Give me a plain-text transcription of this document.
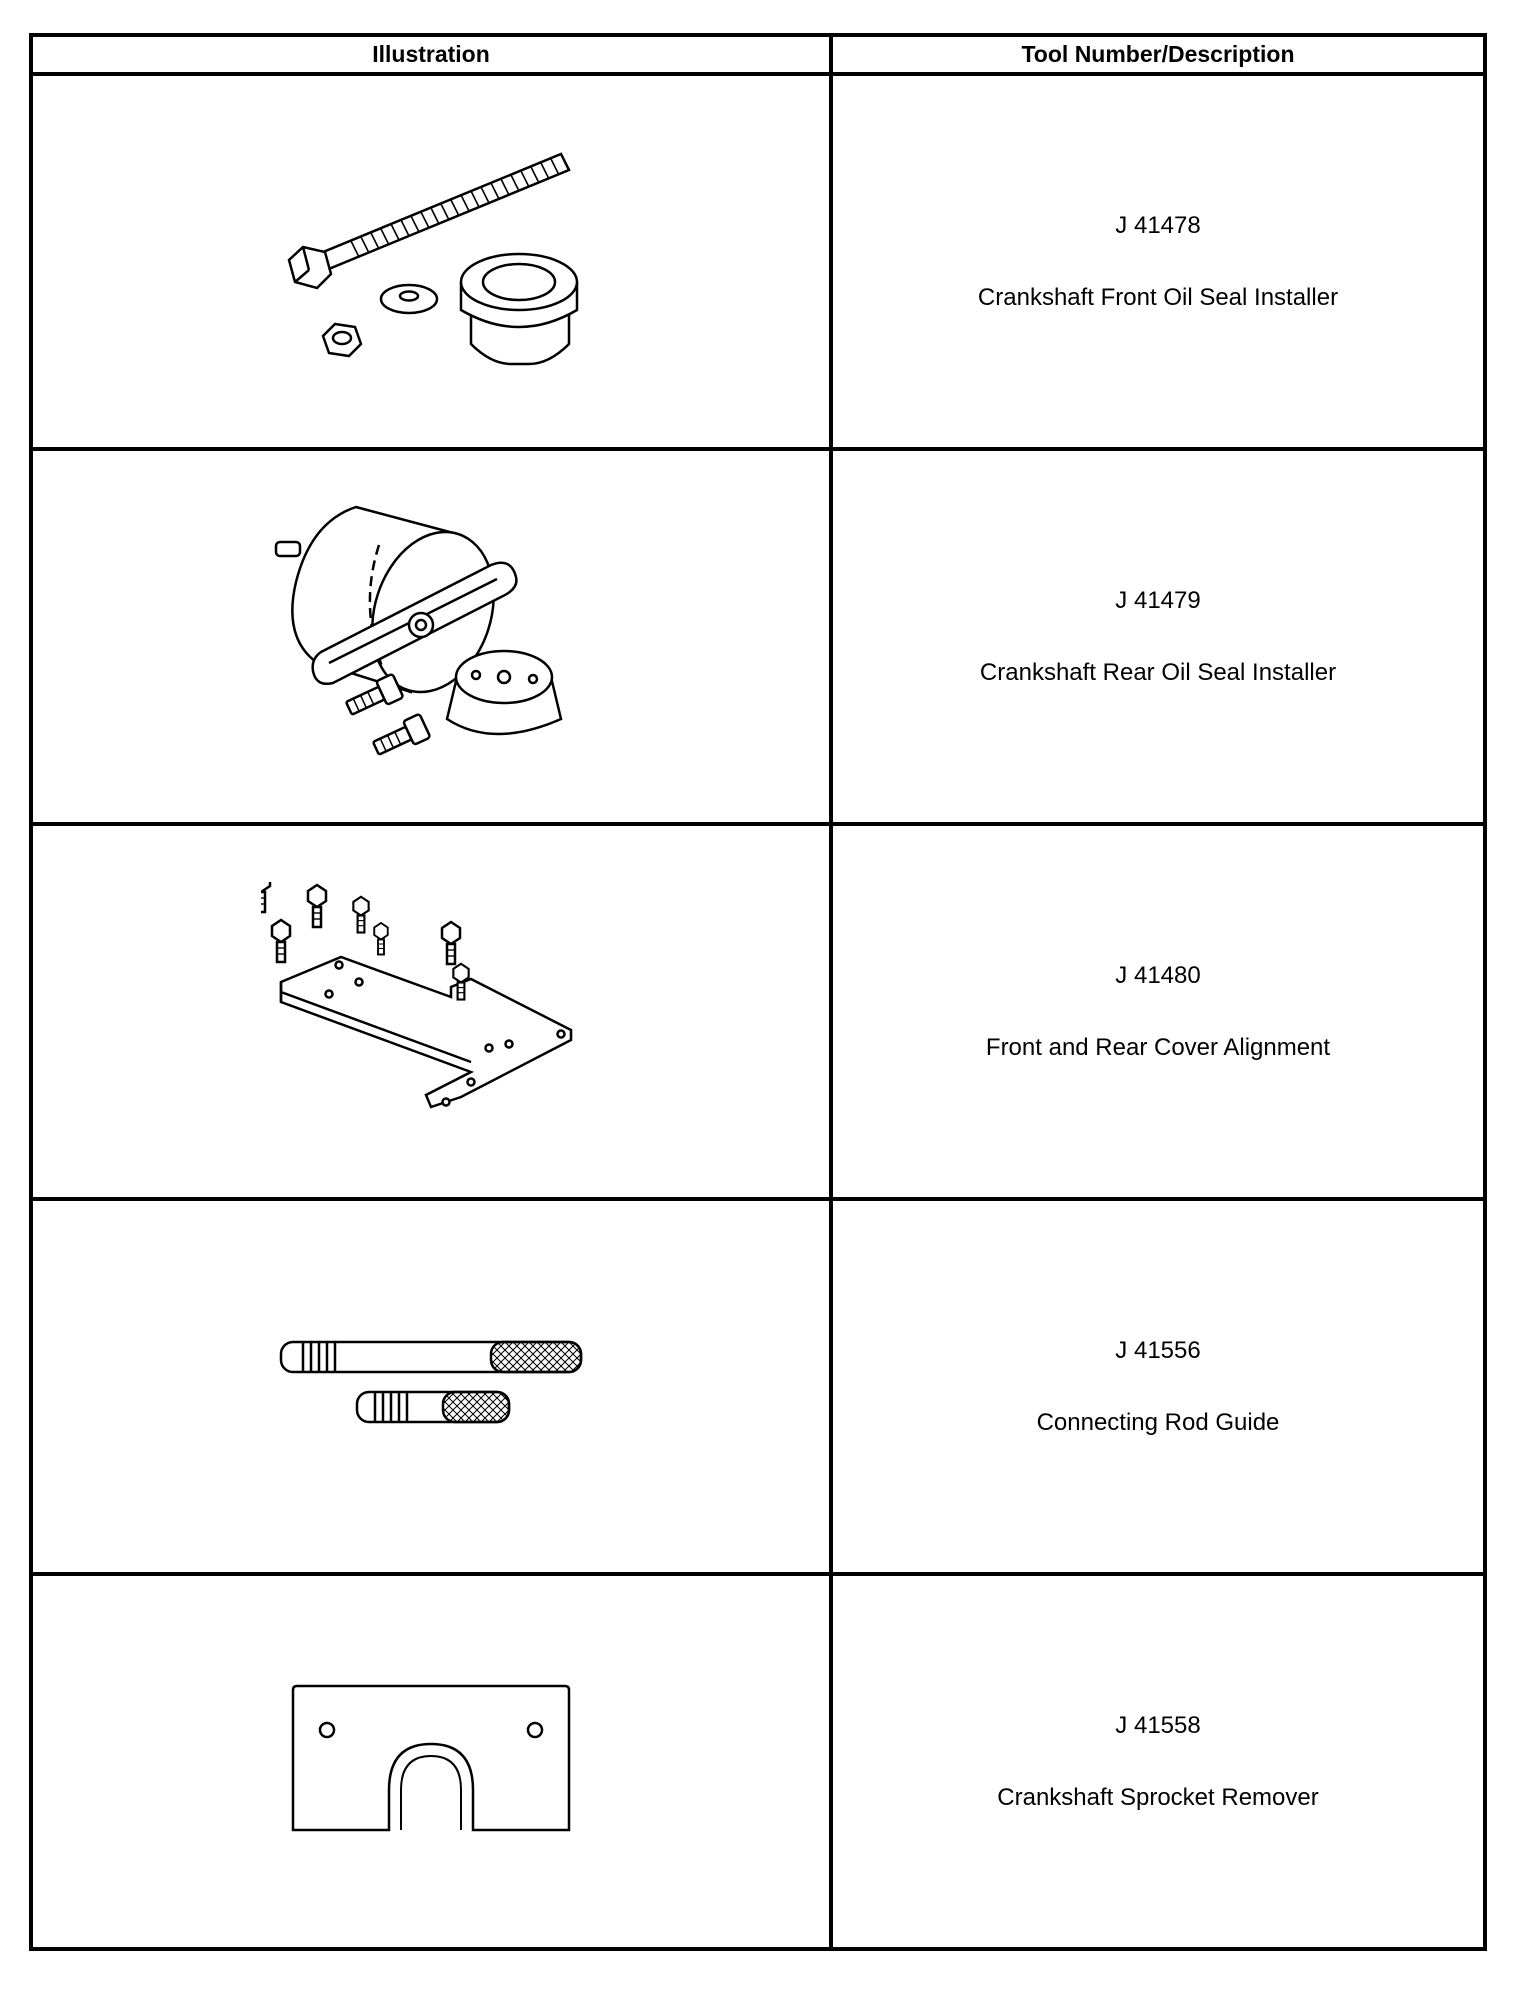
Illustration	Tool Number/Description

J 41478
Crankshaft Front Oil Seal Installer

J 41479
Crankshaft Rear Oil Seal Installer

J 41480
Front and Rear Cover Alignment

J 41556
Connecting Rod Guide

J 41558
Crankshaft Sprocket Remover
